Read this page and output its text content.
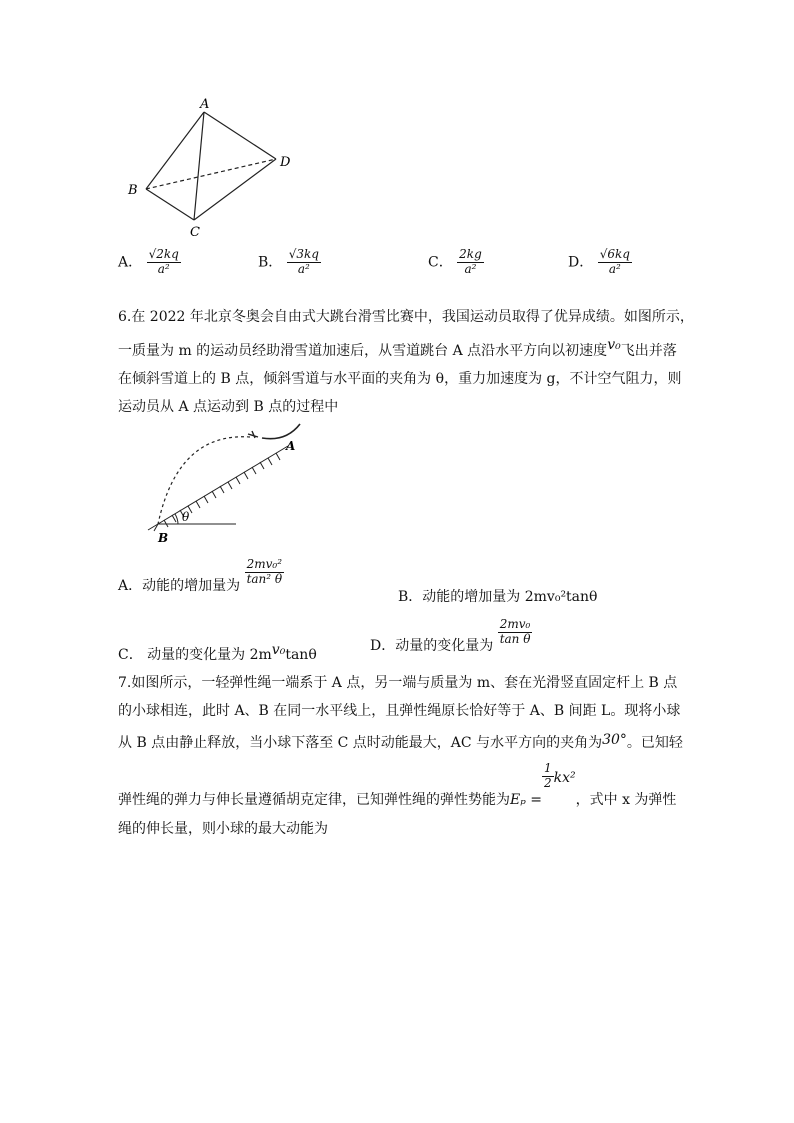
A
B
C
D
A． $\frac{√2kq}{\text{a²}}$	B． $\frac{√3kq}{\text{a²}}$	C． $\frac{2kg}{\text{a²}}$	D． $\frac{√6kq}{\text{a²}}$
6.在 2022 年北京冬奥会自由式大跳台滑雪比赛中，我国运动员取得了优异成绩。如图所示，
一质量为 m 的运动员经助滑雪道加速后，从雪道跳台 A 点沿水平方向以初速度v₀飞出并落
在倾斜雪道上的 B 点，倾斜雪道与水平面的夹角为 θ，重力加速度为 g，不计空气阻力，则
运动员从 A 点运动到 B 点的过程中
A
B
θ
A．动能的增加量为 $\frac{\text{2mv₀²}}{\text{tan² θ}}$
B．动能的增加量为 2mv₀²tanθ
C． 动量的变化量为 2mv₀tanθ
D．动量的变化量为 $\frac{\text{2mv₀}}{\text{tan θ}}$
7.如图所示，一轻弹性绳一端系于 A 点，另一端与质量为 m、套在光滑竖直固定杆上 B 点
的小球相连，此时 A、B 在同一水平线上，且弹性绳原长恰好等于 A、B 间距 L。现将小球
从 B 点由静止释放，当小球下落至 C 点时动能最大，AC 与水平方向的夹角为30°。已知轻
弹性绳的弹力与伸长量遵循胡克定律，已知弹性绳的弹性势能为Eₚ =
$\frac{1}{2} kx^2$，式中 x 为弹性
绳的伸长量，则小球的最大动能为
